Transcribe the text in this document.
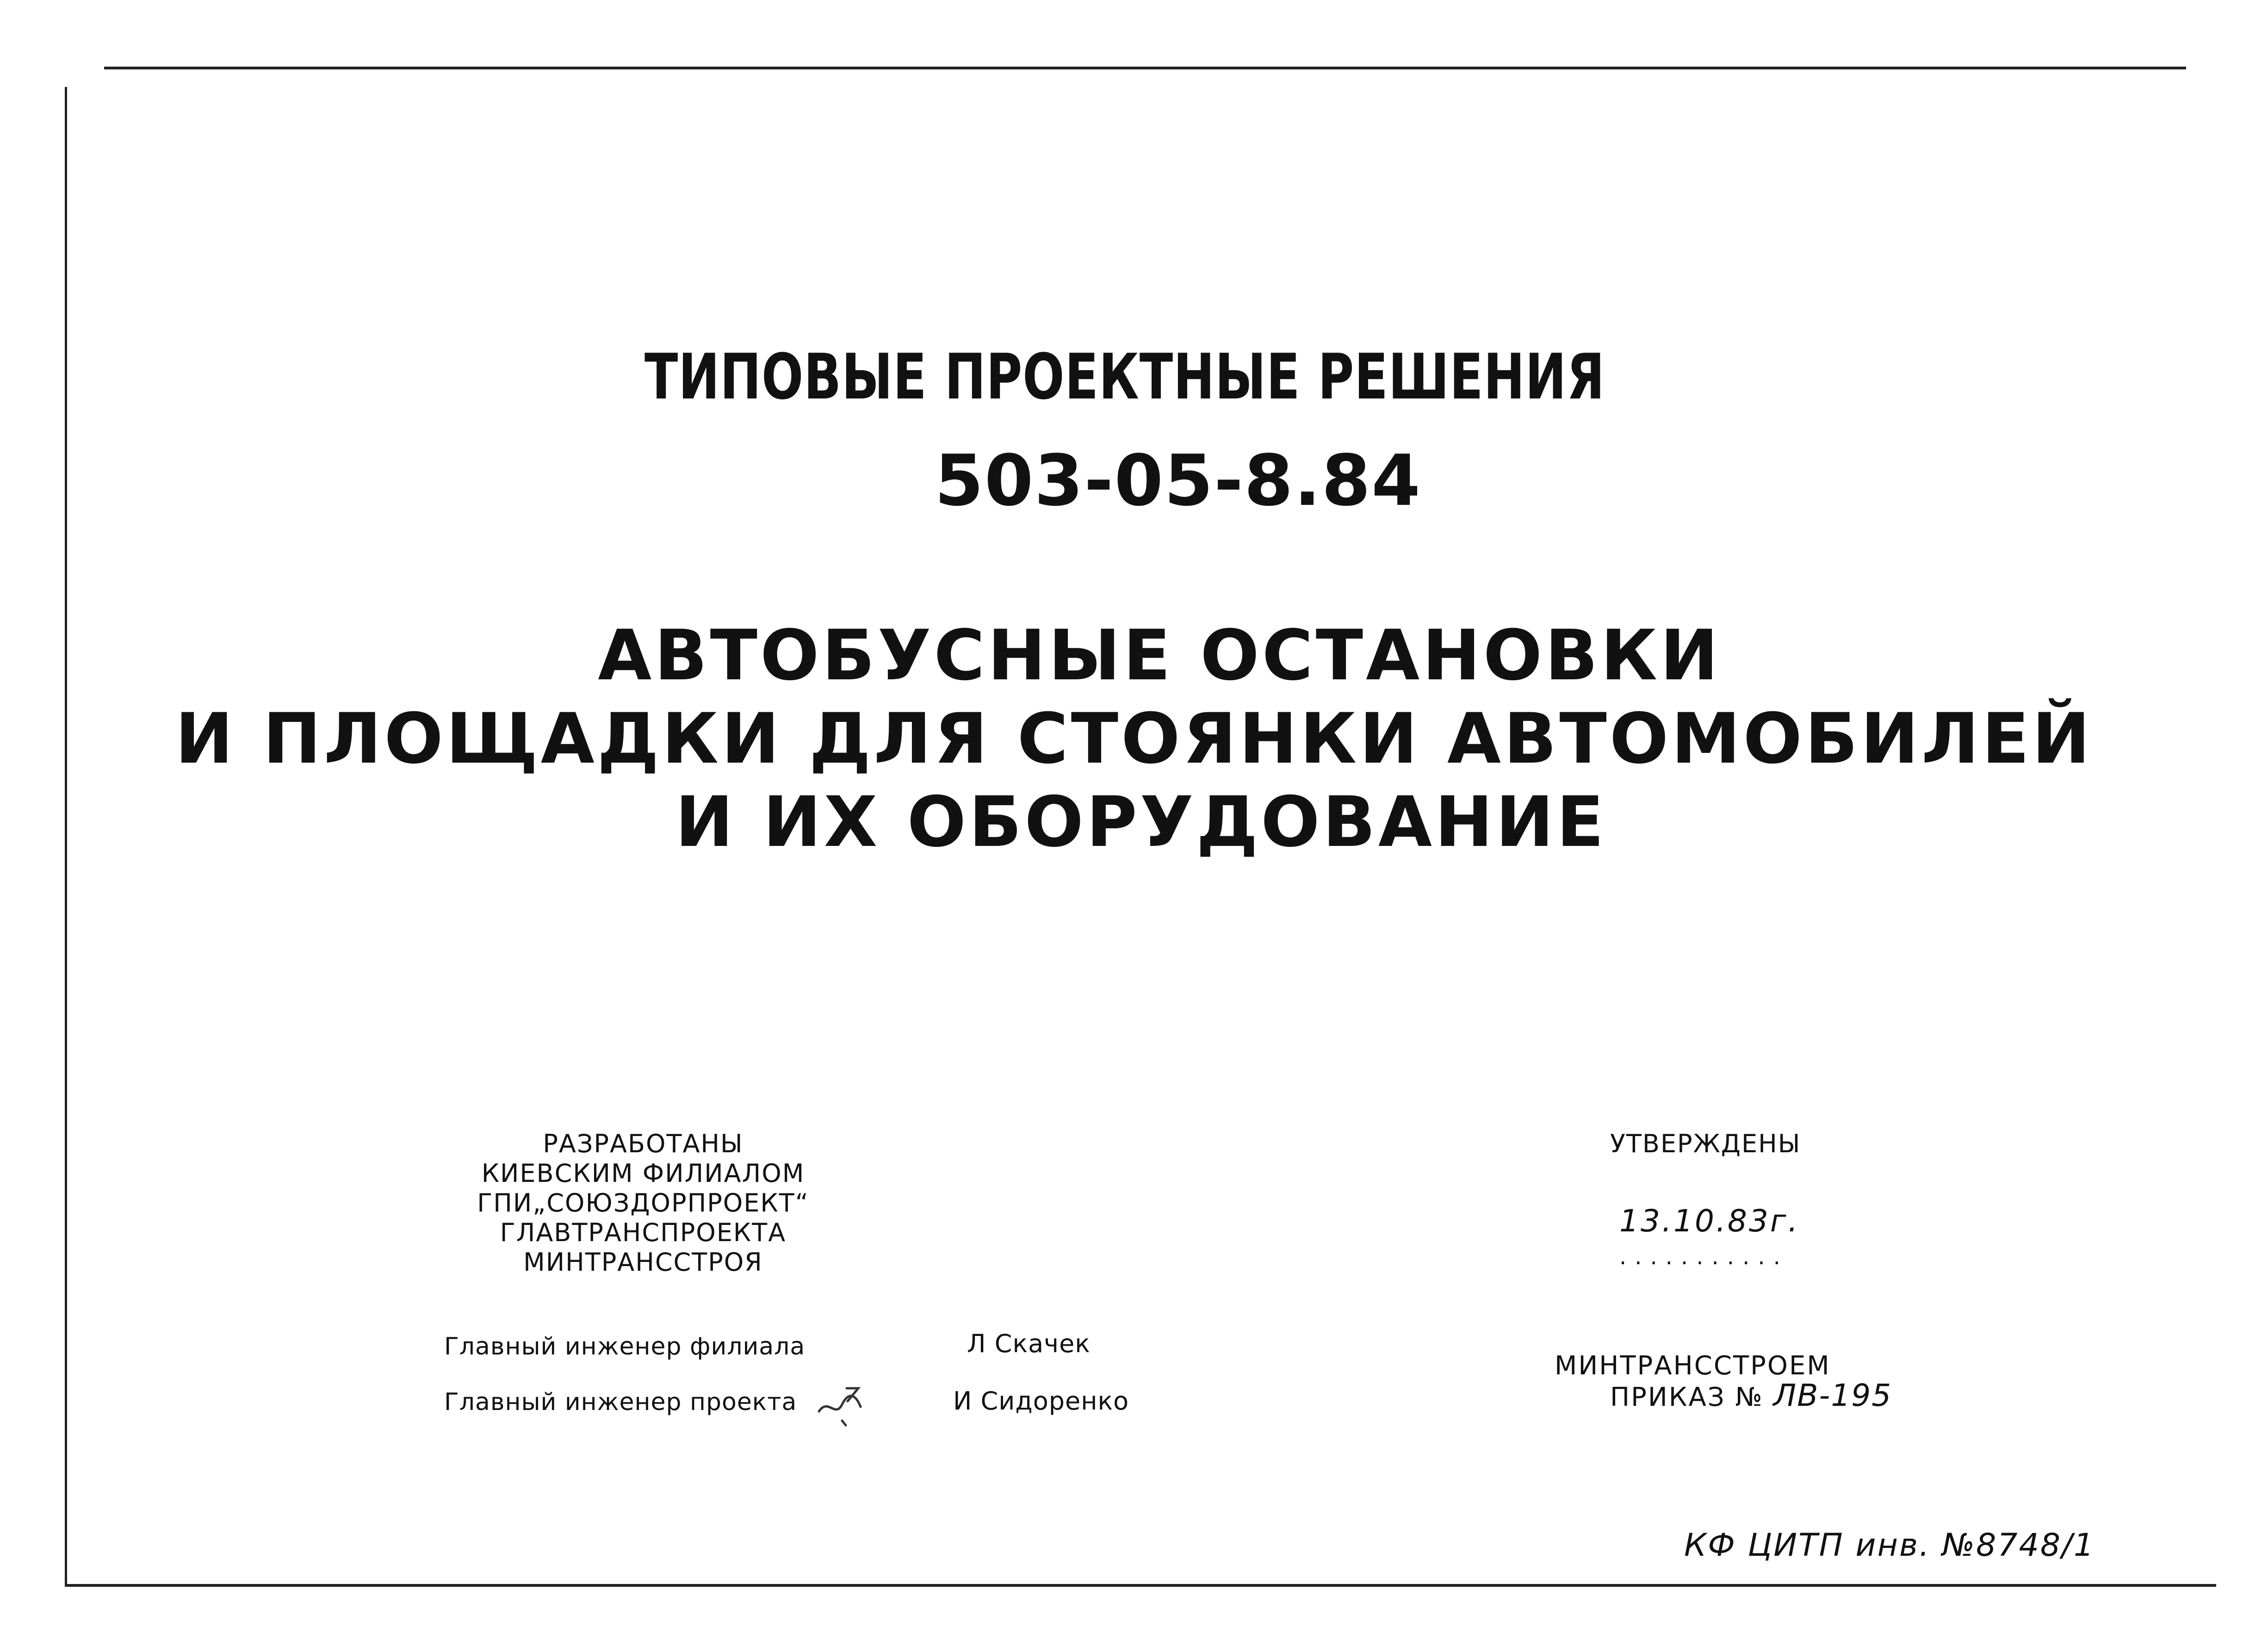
ТИПОВЫЕ ПРОЕКТНЫЕ РЕШЕНИЯ
503-05-8.84
АВТОБУСНЫЕ ОСТАНОВКИ
И ПЛОЩАДКИ ДЛЯ СТОЯНКИ АВТОМОБИЛЕЙ
И ИХ ОБОРУДОВАНИЕ
РАЗРАБОТАНЫ
КИЕВСКИМ ФИЛИАЛОМ
ГПИ„СОЮЗДОРПРОЕКТ“
ГЛАВТРАНСПРОЕКТА
МИНТРАНССТРОЯ
УТВЕРЖДЕНЫ
13.10.83г.
...........
Главный инженер филиала	Л Скачек
Главный инженер проекта	И Сидоренко
МИНТРАНССТРОЕМ
ПРИКАЗ № ЛВ-195
КФ ЦИТП инв. №8748/1
